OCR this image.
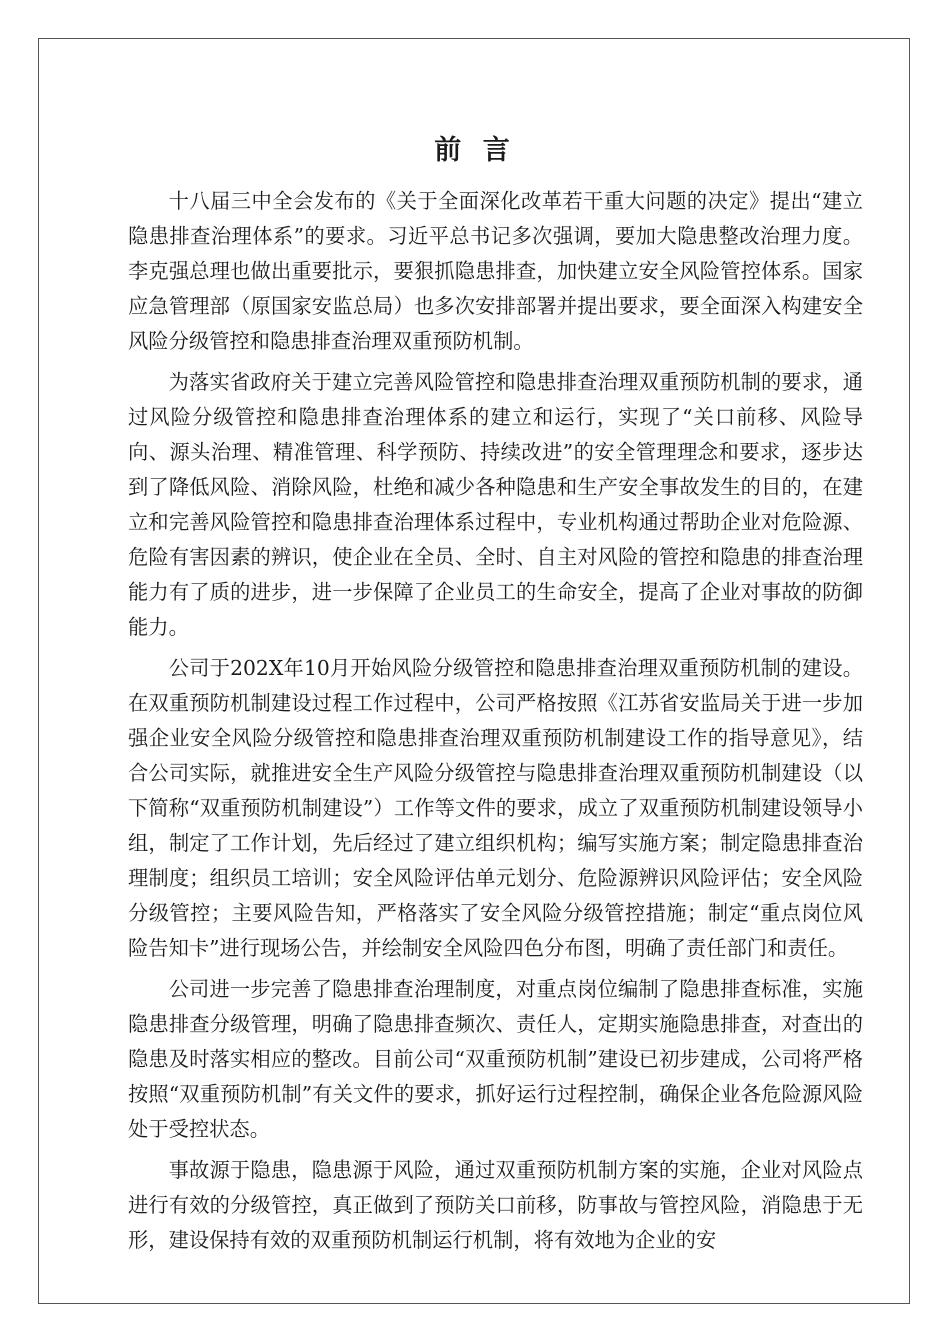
前 言

十八届三中全会发布的《关于全面深化改革若干重大问题的决定》提出“建立隐患排查治理体系”的要求。习近平总书记多次强调，要加大隐患整改治理力度。李克强总理也做出重要批示，要狠抓隐患排查，加快建立安全风险管控体系。国家应急管理部（原国家安监总局）也多次安排部署并提出要求，要全面深入构建安全风险分级管控和隐患排查治理双重预防机制。

为落实省政府关于建立完善风险管控和隐患排查治理双重预防机制的要求，通过风险分级管控和隐患排查治理体系的建立和运行，实现了“关口前移、风险导向、源头治理、精准管理、科学预防、持续改进”的安全管理理念和要求，逐步达到了降低风险、消除风险，杜绝和减少各种隐患和生产安全事故发生的目的，在建立和完善风险管控和隐患排查治理体系过程中，专业机构通过帮助企业对危险源、危险有害因素的辨识，使企业在全员、全时、自主对风险的管控和隐患的排查治理能力有了质的进步，进一步保障了企业员工的生命安全，提高了企业对事故的防御能力。

公司于202X年10月开始风险分级管控和隐患排查治理双重预防机制的建设。在双重预防机制建设过程工作过程中，公司严格按照《江苏省安监局关于进一步加强企业安全风险分级管控和隐患排查治理双重预防机制建设工作的指导意见》，结合公司实际，就推进安全生产风险分级管控与隐患排查治理双重预防机制建设（以下简称“双重预防机制建设”）工作等文件的要求，成立了双重预防机制建设领导小组，制定了工作计划，先后经过了建立组织机构；编写实施方案；制定隐患排查治理制度；组织员工培训；安全风险评估单元划分、危险源辨识风险评估；安全风险分级管控；主要风险告知，严格落实了安全风险分级管控措施；制定“重点岗位风险告知卡”进行现场公告，并绘制安全风险四色分布图，明确了责任部门和责任。

公司进一步完善了隐患排查治理制度，对重点岗位编制了隐患排查标准，实施隐患排查分级管理，明确了隐患排查频次、责任人，定期实施隐患排查，对查出的隐患及时落实相应的整改。目前公司“双重预防机制”建设已初步建成，公司将严格按照“双重预防机制”有关文件的要求，抓好运行过程控制，确保企业各危险源风险处于受控状态。

事故源于隐患，隐患源于风险，通过双重预防机制方案的实施，企业对风险点进行有效的分级管控，真正做到了预防关口前移，防事故与管控风险，消隐患于无形，建设保持有效的双重预防机制运行机制，将有效地为企业的安
